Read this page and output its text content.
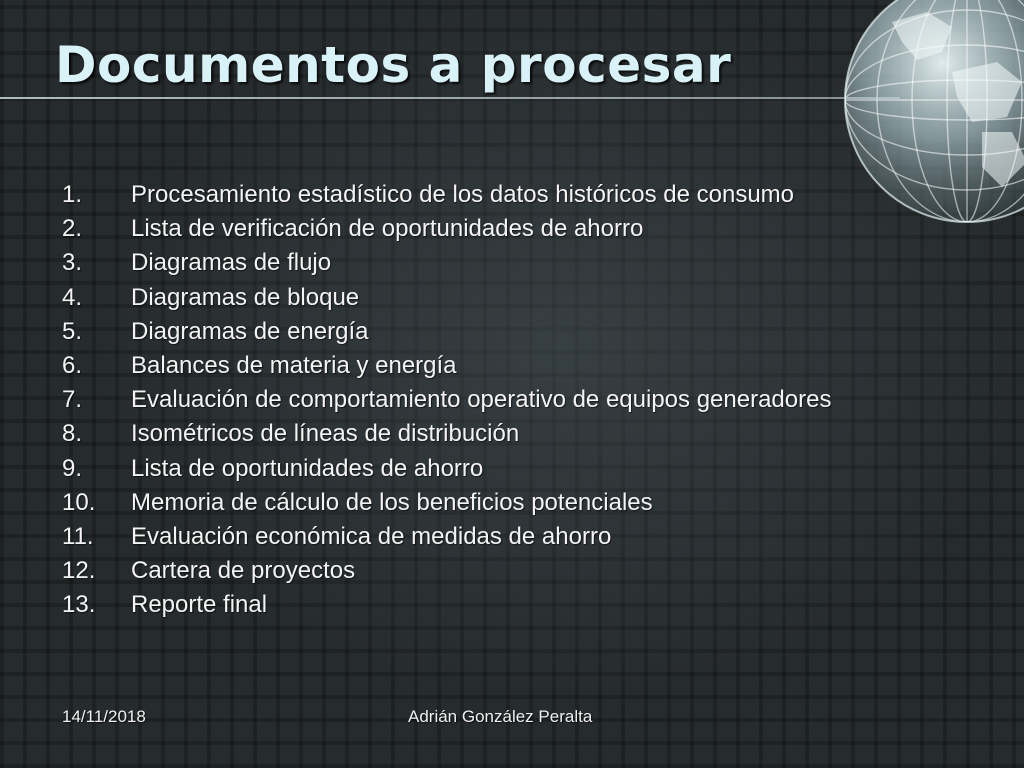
Documentos a procesar
1.	Procesamiento estadístico de los datos históricos de consumo
2.	Lista de verificación de oportunidades de ahorro
3.	Diagramas de flujo
4.	Diagramas de bloque
5.	Diagramas de energía
6.	Balances de materia y energía
7.	Evaluación de comportamiento operativo de equipos generadores
8.	Isométricos de líneas de distribución
9.	Lista de oportunidades de ahorro
10.	Memoria de cálculo de los beneficios potenciales
11.	Evaluación económica de medidas de ahorro
12.	Cartera de proyectos
13.	Reporte final
14/11/2018	Adrián González Peralta
